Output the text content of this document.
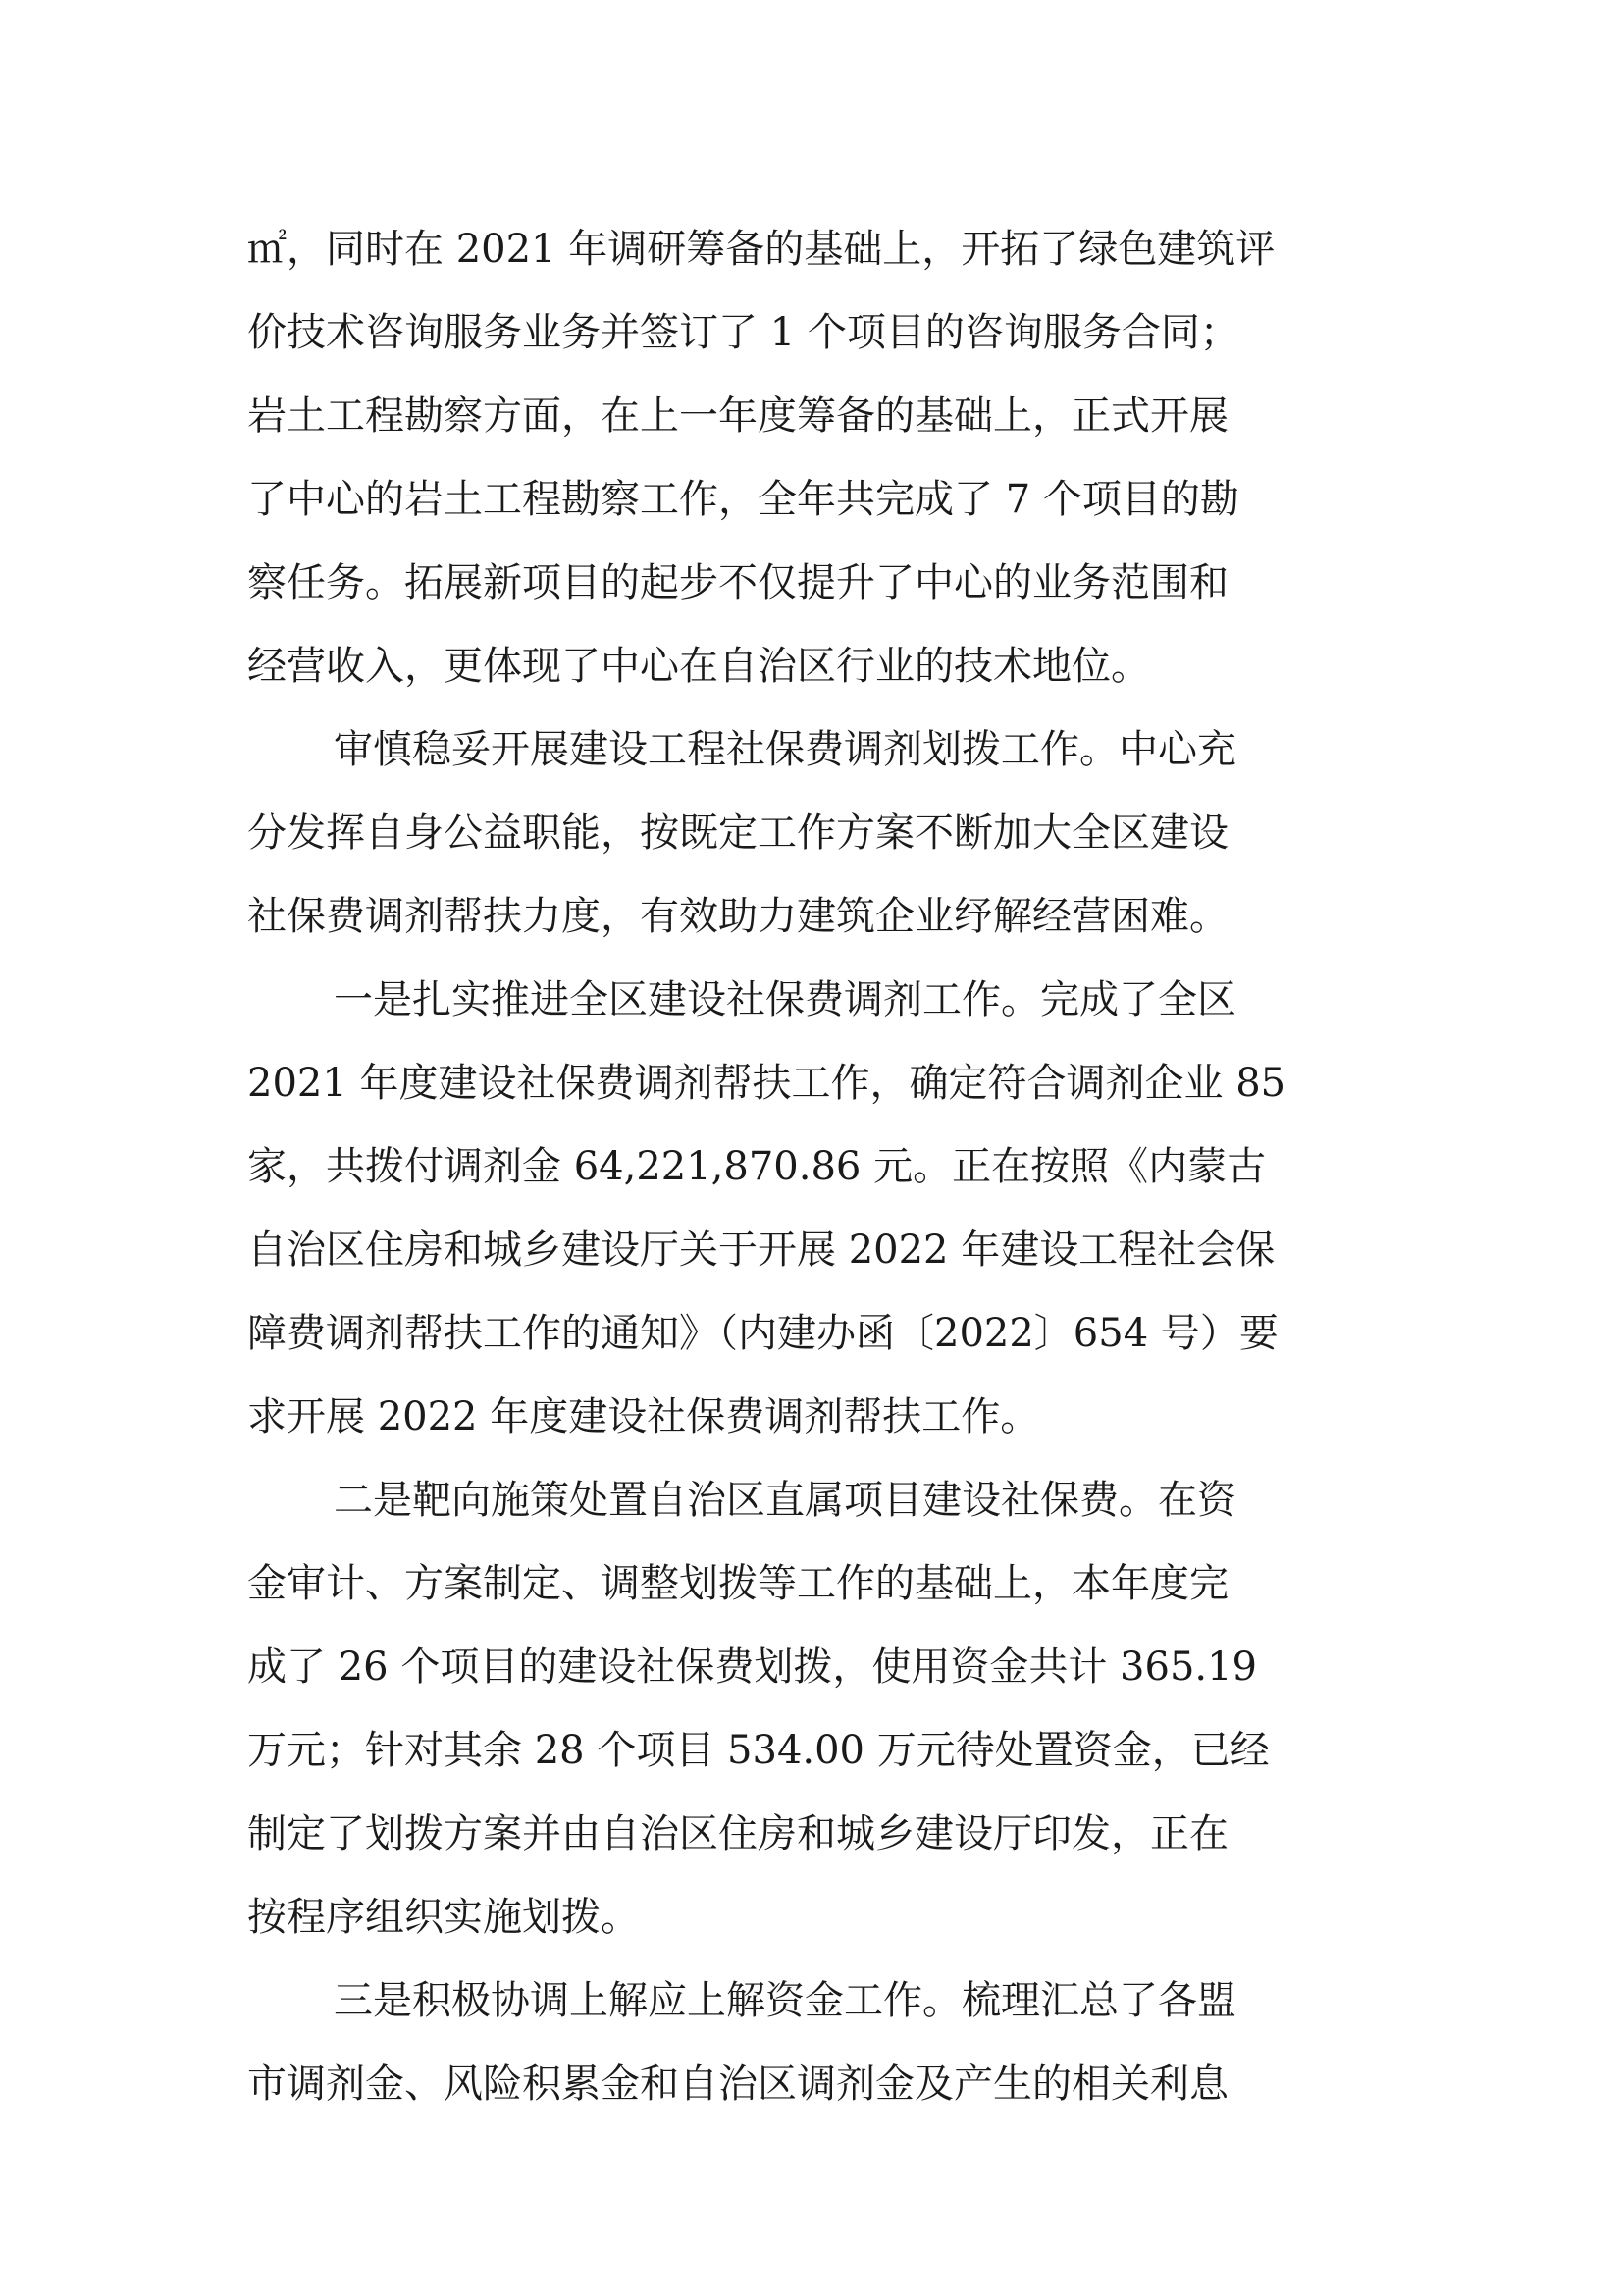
㎡，同时在 2021 年调研筹备的基础上，开拓了绿色建筑评
价技术咨询服务业务并签订了 1 个项目的咨询服务合同；
岩土工程勘察方面，在上一年度筹备的基础上，正式开展
了中心的岩土工程勘察工作，全年共完成了 7 个项目的勘
察任务。拓展新项目的起步不仅提升了中心的业务范围和
经营收入，更体现了中心在自治区行业的技术地位。
审慎稳妥开展建设工程社保费调剂划拨工作。中心充
分发挥自身公益职能，按既定工作方案不断加大全区建设
社保费调剂帮扶力度，有效助力建筑企业纾解经营困难。
一是扎实推进全区建设社保费调剂工作。完成了全区
2021 年度建设社保费调剂帮扶工作，确定符合调剂企业 85
家，共拨付调剂金 64,221,870.86 元。正在按照《内蒙古
自治区住房和城乡建设厅关于开展 2022 年建设工程社会保
障费调剂帮扶工作的通知》（内建办函〔2022〕654 号）要
求开展 2022 年度建设社保费调剂帮扶工作。
二是靶向施策处置自治区直属项目建设社保费。在资
金审计、方案制定、调整划拨等工作的基础上，本年度完
成了 26 个项目的建设社保费划拨，使用资金共计 365.19
万元；针对其余 28 个项目 534.00 万元待处置资金，已经
制定了划拨方案并由自治区住房和城乡建设厅印发，正在
按程序组织实施划拨。
三是积极协调上解应上解资金工作。梳理汇总了各盟
市调剂金、风险积累金和自治区调剂金及产生的相关利息
